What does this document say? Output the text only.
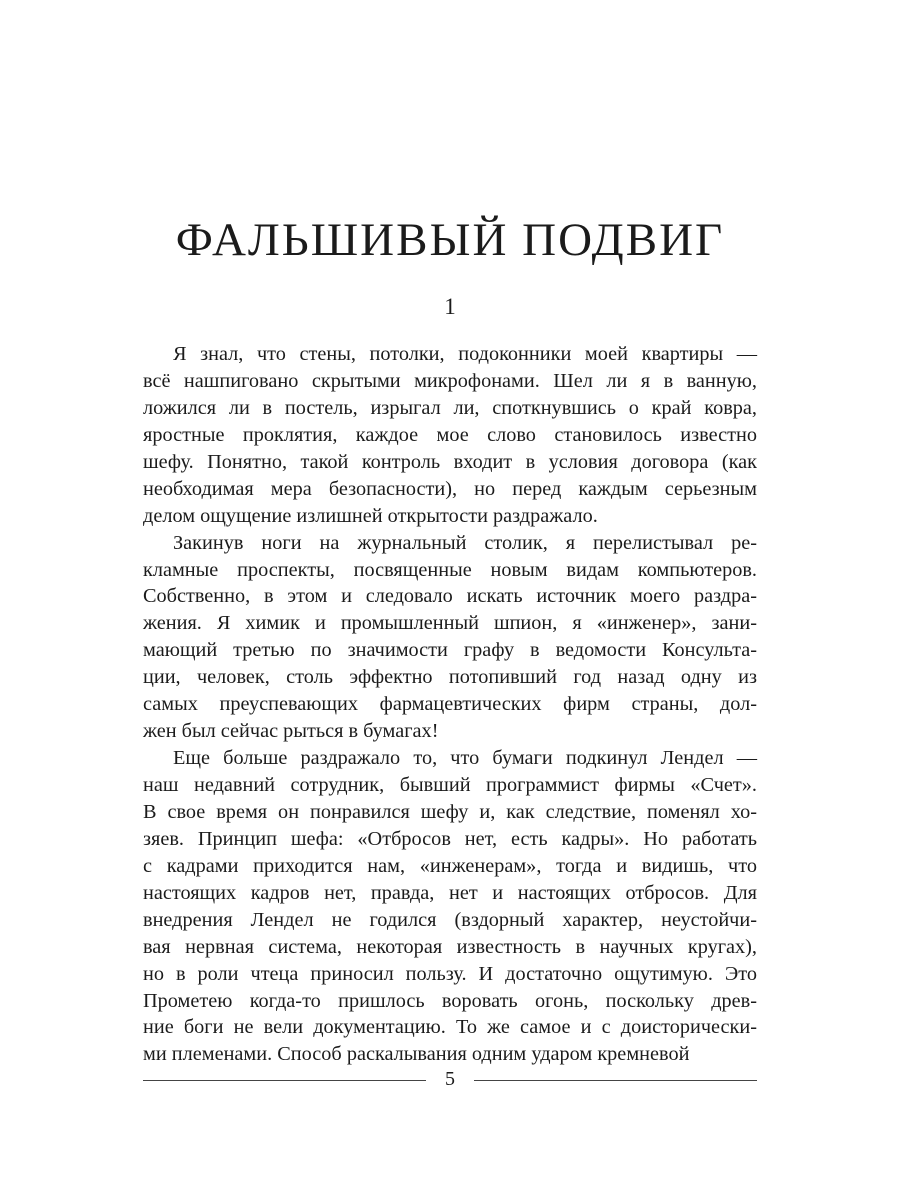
ФАЛЬШИВЫЙ ПОДВИГ
1
Я знал, что стены, потолки, подоконники моей квартиры —
всё нашпиговано скрытыми микрофонами. Шел ли я в ванную,
ложился ли в постель, изрыгал ли, споткнувшись о край ковра,
яростные проклятия, каждое мое слово становилось известно
шефу. Понятно, такой контроль входит в условия договора (как
необходимая мера безопасности), но перед каждым серьезным
делом ощущение излишней открытости раздражало.
Закинув ноги на журнальный столик, я перелистывал ре-
кламные проспекты, посвященные новым видам компьютеров.
Собственно, в этом и следовало искать источник моего раздра-
жения. Я химик и промышленный шпион, я «инженер», зани-
мающий третью по значимости графу в ведомости Консульта-
ции, человек, столь эффектно потопивший год назад одну из
самых преуспевающих фармацевтических фирм страны, дол-
жен был сейчас рыться в бумагах!
Еще больше раздражало то, что бумаги подкинул Лендел —
наш недавний сотрудник, бывший программист фирмы «Счет».
В свое время он понравился шефу и, как следствие, поменял хо-
зяев. Принцип шефа: «Отбросов нет, есть кадры». Но работать
с кадрами приходится нам, «инженерам», тогда и видишь, что
настоящих кадров нет, правда, нет и настоящих отбросов. Для
внедрения Лендел не годился (вздорный характер, неустойчи-
вая нервная система, некоторая известность в научных кругах),
но в роли чтеца приносил пользу. И достаточно ощутимую. Это
Прометею когда-то пришлось воровать огонь, поскольку древ-
ние боги не вели документацию. То же самое и с доисторически-
ми племенами. Способ раскалывания одним ударом кремневой
5
